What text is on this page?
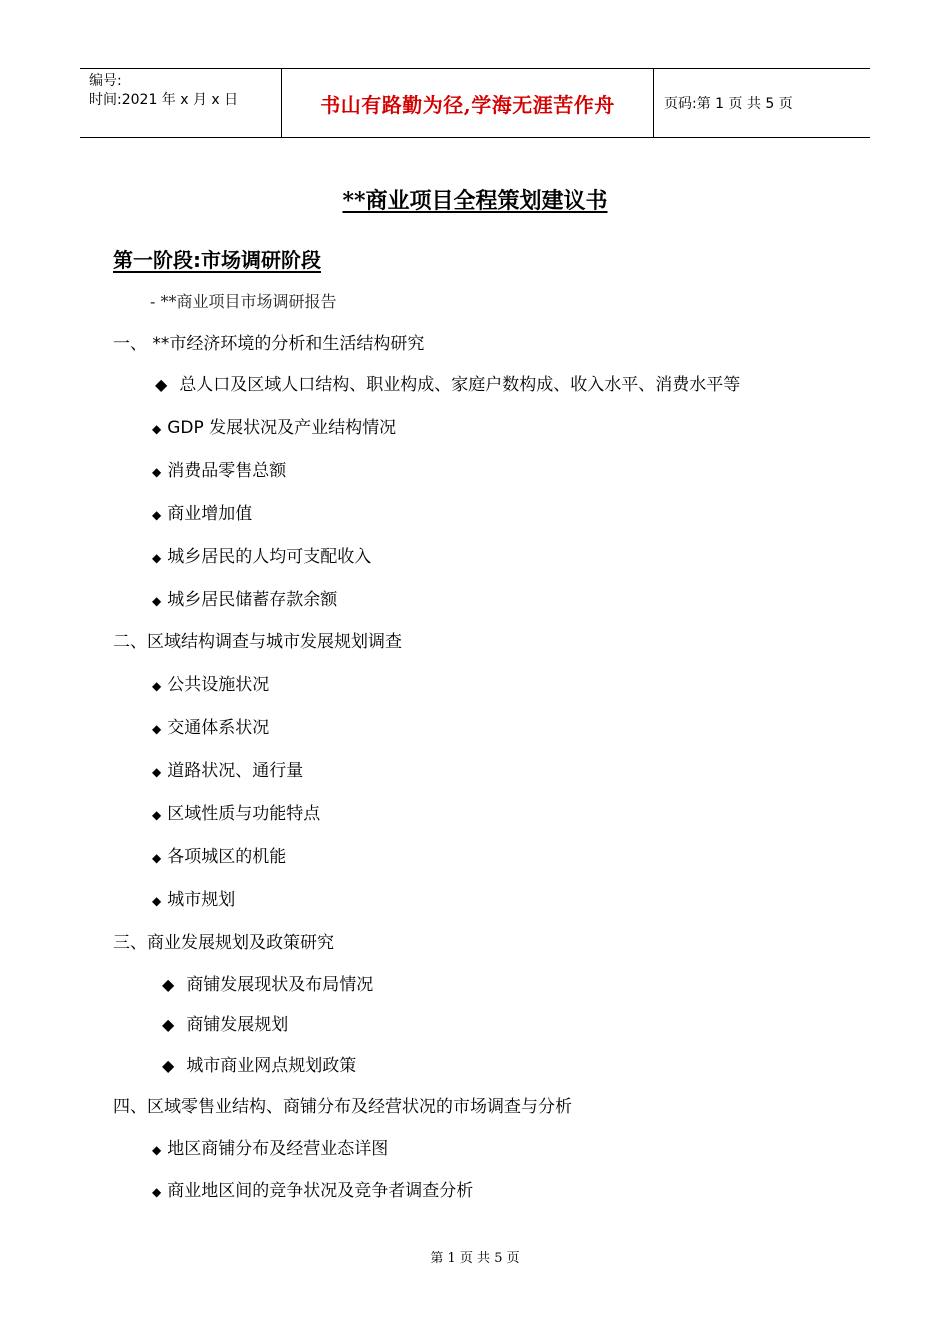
编号:
时间:2021 年 x 月 x 日	书山有路勤为径,学海无涯苦作舟	页码:第 1 页 共 5 页
**商业项目全程策划建议书
第一阶段:市场调研阶段
- **商业项目市场调研报告
一、 **市经济环境的分析和生活结构研究
◆ 总人口及区域人口结构、职业构成、家庭户数构成、收入水平、消费水平等
◆ GDP 发展状况及产业结构情况
◆ 消费品零售总额
◆ 商业增加值
◆ 城乡居民的人均可支配收入
◆ 城乡居民储蓄存款余额
二、区域结构调查与城市发展规划调查
◆ 公共设施状况
◆ 交通体系状况
◆ 道路状况、通行量
◆ 区域性质与功能特点
◆ 各项城区的机能
◆ 城市规划
三、商业发展规划及政策研究
◆ 商铺发展现状及布局情况
◆ 商铺发展规划
◆ 城市商业网点规划政策
四、区域零售业结构、商铺分布及经营状况的市场调查与分析
◆ 地区商铺分布及经营业态详图
◆ 商业地区间的竞争状况及竞争者调查分析
第 1 页 共 5 页
